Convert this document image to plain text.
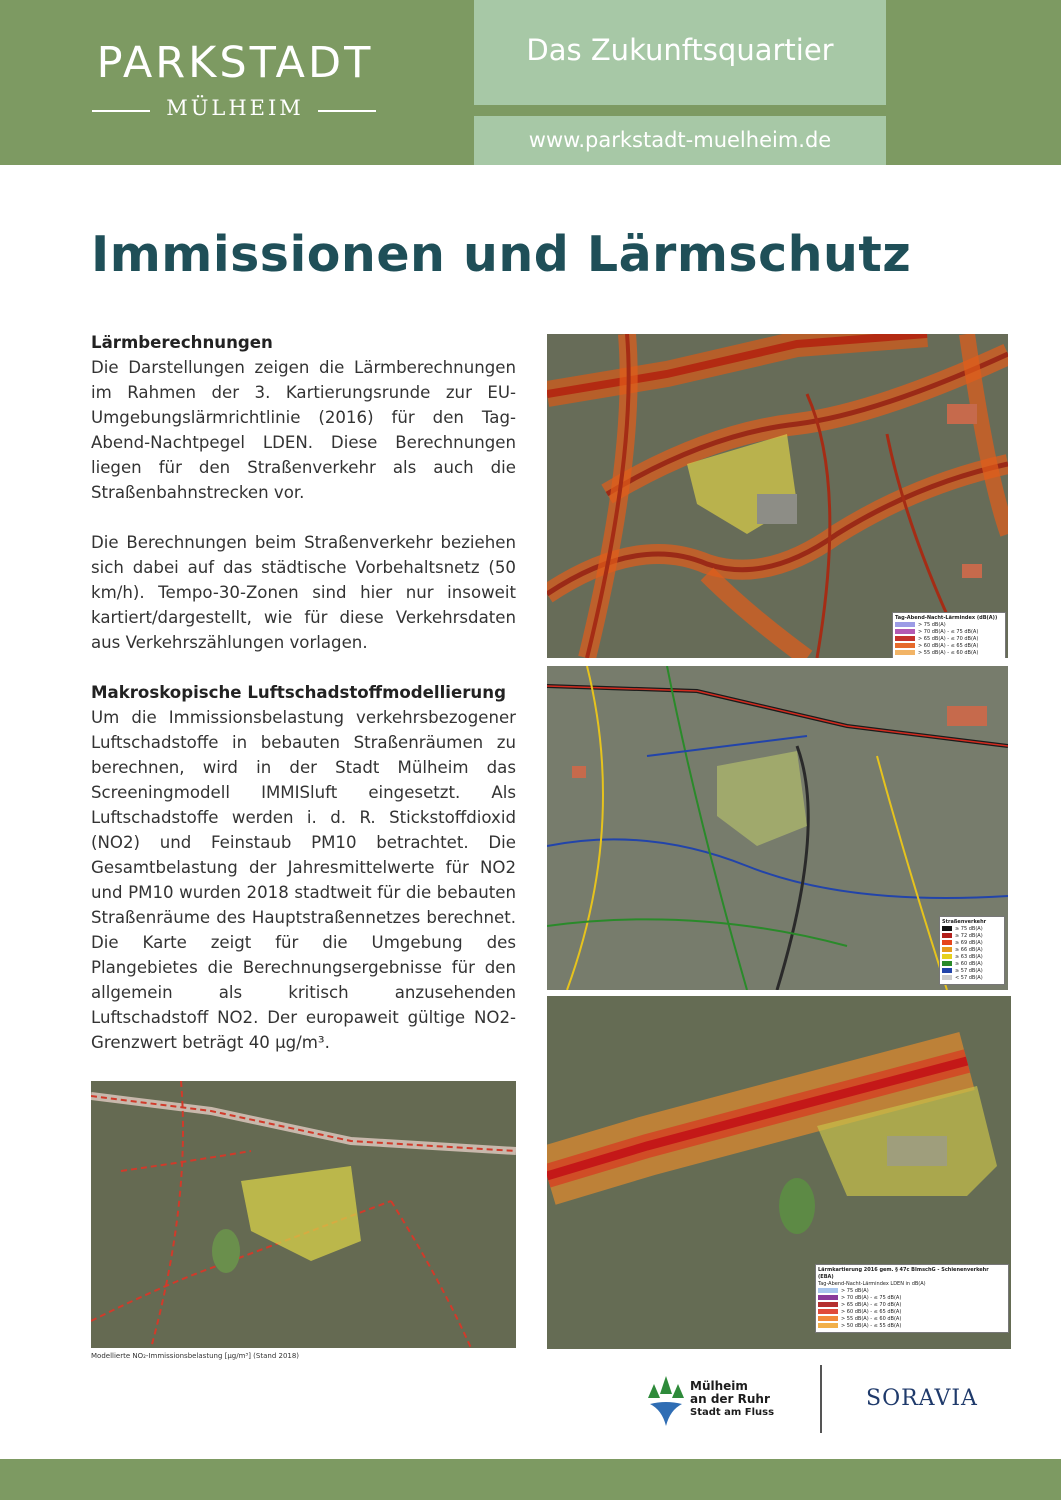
PARKSTADT
MÜLHEIM
Das Zukunftsquartier
www.parkstadt-muelheim.de
Immissionen und Lärmschutz
Lärmberechnungen

Die Darstellungen zeigen die Lärmberechnungen im Rahmen der 3. Kartierungsrunde zur EU-Umgebungslärmrichtlinie (2016) für den Tag-Abend-Nachtpegel LDEN. Diese Berechnungen liegen für den Straßenverkehr als auch die Straßenbahnstrecken vor.

Die Berechnungen beim Straßenverkehr beziehen sich dabei auf das städtische Vorbehaltsnetz (50 km/h). Tempo-30-Zonen sind hier nur insoweit kartiert/dargestellt, wie für diese Verkehrsdaten aus Verkehrszählungen vorlagen.

Makroskopische Luftschadstoffmodellierung

Um die Immissionsbelastung verkehrsbezogener Luftschadstoffe in bebauten Straßenräumen zu berechnen, wird in der Stadt Mülheim das Screeningmodell IMMISluft eingesetzt. Als Luftschadstoffe werden i. d. R. Stickstoffdioxid (NO2) und Feinstaub PM10 betrachtet. Die Gesamtbelastung der Jahresmittelwerte für NO2 und PM10 wurden 2018 stadtweit für die bebauten Straßenräume des Hauptstraßennetzes berechnet. Die Karte zeigt für die Umgebung des Plangebietes die Berechnungsergebnisse für den allgemein als kritisch anzusehenden Luftschadstoff NO2. Der europaweit gültige NO2-Grenzwert beträgt 40 µg/m³.

Tag-Abend-Nacht-Lärmindex (dB(A))
> 75 dB(A)
> 70 dB(A) - ≤ 75 dB(A)
> 65 dB(A) - ≤ 70 dB(A)
> 60 dB(A) - ≤ 65 dB(A)
> 55 dB(A) - ≤ 60 dB(A)
Straßenverkehr
≥ 75 dB(A)
≥ 72 dB(A)
≥ 69 dB(A)
≥ 66 dB(A)
≥ 63 dB(A)
≥ 60 dB(A)
≥ 57 dB(A)
< 57 dB(A)
Lärmkartierung 2016 gem. § 47c BImschG - Schienenverkehr (EBA)
Tag-Abend-Nacht-Lärmindex LDEN in dB(A)
> 75 dB(A)
> 70 dB(A) - ≤ 75 dB(A)
> 65 dB(A) - ≤ 70 dB(A)
> 60 dB(A) - ≤ 65 dB(A)
> 55 dB(A) - ≤ 60 dB(A)
> 50 dB(A) - ≤ 55 dB(A)
Modellierte NO₂-Immissionsbelastung [µg/m³] (Stand 2018)
Mülheim
an der Ruhr
Stadt am Fluss
SORAVIA
